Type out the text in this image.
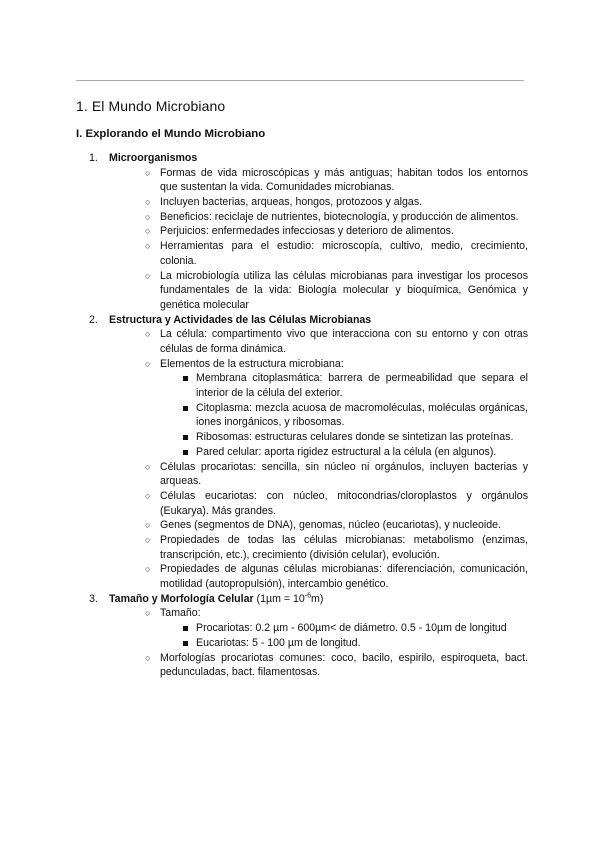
1. El Mundo Microbiano
I. Explorando el Mundo Microbiano
1. Microorganismos
○ Formas de vida microscópicas y más antiguas; habitan todos los entornos que sustentan la vida. Comunidades microbianas.
○ Incluyen bacterias, arqueas, hongos, protozoos y algas.
○ Beneficios: reciclaje de nutrientes, biotecnología, y producción de alimentos.
○ Perjuicios: enfermedades infecciosas y deterioro de alimentos.
○ Herramientas para el estudio: microscopía, cultivo, medio, crecimiento, colonia.
○ La microbiología utiliza las células microbianas para investigar los procesos fundamentales de la vida: Biología molecular y bioquímica, Genómica y genética molecular
2. Estructura y Actividades de las Células Microbianas
○ La célula: compartimento vivo que interacciona con su entorno y con otras células de forma dinámica.
○ Elementos de la estructura microbiana:
Membrana citoplasmática: barrera de permeabilidad que separa el interior de la célula del exterior.
Citoplasma: mezcla acuosa de macromoléculas, moléculas orgánicas, iones inorgánicos, y ribosomas.
Ribosomas: estructuras celulares donde se sintetizan las proteínas.
Pared celular: aporta rigidez estructural a la célula (en algunos).
○ Células procariotas: sencilla, sin núcleo ni orgánulos, incluyen bacterias y arqueas.
○ Células eucariotas: con núcleo, mitocondrias/cloroplastos y orgánulos (Eukarya). Más grandes.
○ Genes (segmentos de DNA), genomas, núcleo (eucariotas), y nucleoide.
○ Propiedades de todas las células microbianas: metabolismo (enzimas, transcripción, etc.), crecimiento (división celular), evolución.
○ Propiedades de algunas células microbianas: diferenciación, comunicación, motilidad (autopropulsión), intercambio genético.
3. Tamaño y Morfología Celular $(1\mu m = 10^{-6}m)$
○ Tamaño:
Procariotas: 0.2 µm - 600µm< de diámetro. 0.5 - 10µm de longitud
Eucariotas: 5 - 100 µm de longitud.
○ Morfologías procariotas comunes: coco, bacilo, espirilo, espiroqueta, bact. pedunculadas, bact. filamentosas.
